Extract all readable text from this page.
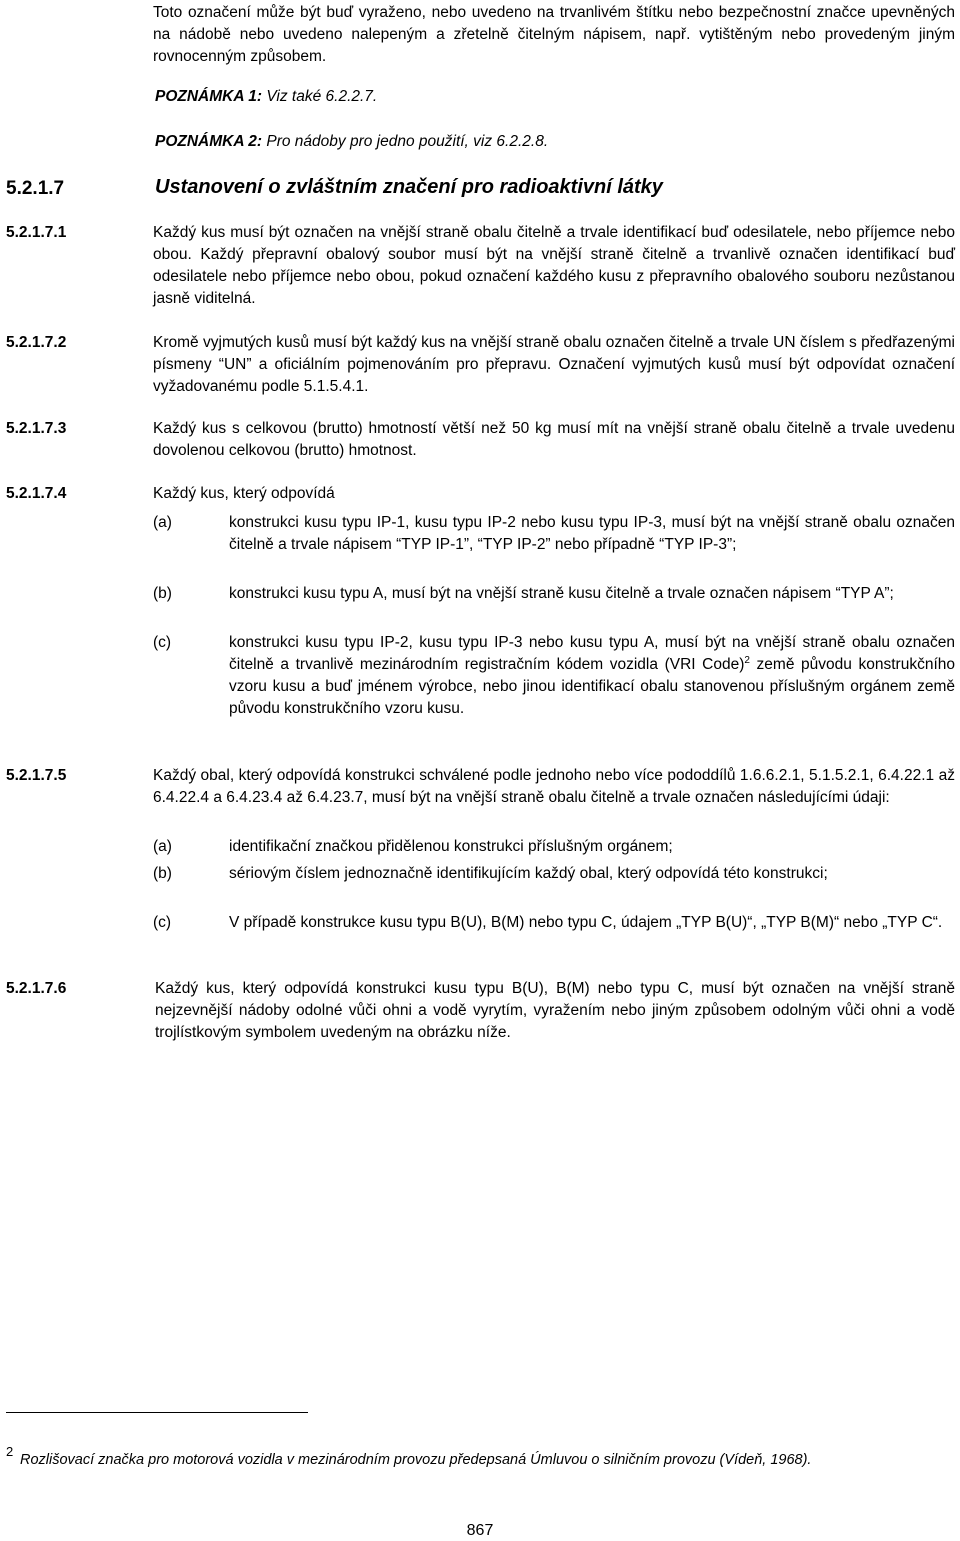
Toto označení může být buď vyraženo, nebo uvedeno na trvanlivém štítku nebo bezpečnostní značce upevněných na nádobě nebo uvedeno nalepeným a zřetelně čitelným nápisem, např. vytištěným nebo provedeným jiným rovnocenným způsobem.
POZNÁMKA 1: Viz také 6.2.2.7.
POZNÁMKA 2: Pro nádoby pro jedno použití, viz 6.2.2.8.
5.2.1.7	Ustanovení o zvláštním značení pro radioaktivní látky
5.2.1.7.1	Každý kus musí být označen na vnější straně obalu čitelně a trvale identifikací buď odesilatele, nebo příjemce nebo obou. Každý přepravní obalový soubor musí být na vnější straně čitelně a trvanlivě označen identifikací buď odesilatele nebo příjemce nebo obou, pokud označení každého kusu z přepravního obalového souboru nezůstanou jasně viditelná.
5.2.1.7.2	Kromě vyjmutých kusů musí být každý kus na vnější straně obalu označen čitelně a trvale UN číslem s předřazenými písmeny “UN” a oficiálním pojmenováním pro přepravu. Označení vyjmutých kusů musí být odpovídat označení vyžadovanému podle 5.1.5.4.1.
5.2.1.7.3	Každý kus s celkovou (brutto) hmotností větší než 50 kg musí mít na vnější straně obalu čitelně a trvale uvedenu dovolenou celkovou (brutto) hmotnost.
5.2.1.7.4	Každý kus, který odpovídá
(a)	konstrukci kusu typu IP-1, kusu typu IP-2 nebo kusu typu IP-3, musí být na vnější straně obalu označen čitelně a trvale nápisem “TYP IP-1”, “TYP IP-2” nebo případně “TYP IP-3”;
(b)	konstrukci kusu typu A, musí být na vnější straně kusu čitelně a trvale označen nápisem “TYP A”;
(c)	konstrukci kusu typu IP-2, kusu typu IP-3 nebo kusu typu A, musí být na vnější straně obalu označen čitelně a trvanlivě mezinárodním registračním kódem vozidla (VRI Code)$^2$ země původu konstrukčního vzoru kusu a buď jménem výrobce, nebo jinou identifikací obalu stanovenou příslušným orgánem země původu konstrukčního vzoru kusu.
5.2.1.7.5	Každý obal, který odpovídá konstrukci schválené podle jednoho nebo více pododdílů 1.6.6.2.1, 5.1.5.2.1, 6.4.22.1 až 6.4.22.4 a 6.4.23.4 až 6.4.23.7, musí být na vnější straně obalu čitelně a trvale označen následujícími údaji:
(a)	identifikační značkou přidělenou konstrukci příslušným orgánem;
(b)	sériovým číslem jednoznačně identifikujícím každý obal, který odpovídá této konstrukci;
(c)	V případě konstrukce kusu typu B(U), B(M) nebo typu C, údajem „TYP B(U)“, „TYP B(M)“ nebo „TYP C“.
5.2.1.7.6	Každý kus, který odpovídá konstrukci kusu typu B(U), B(M) nebo typu C, musí být označen na vnější straně nejzevnější nádoby odolné vůči ohni a vodě vyrytím, vyražením nebo jiným způsobem odolným vůči ohni a vodě trojlístkovým symbolem uvedeným na obrázku níže.
2
Rozlišovací značka pro motorová vozidla v mezinárodním provozu předepsaná Úmluvou o silničním provozu (Vídeň, 1968).
867
